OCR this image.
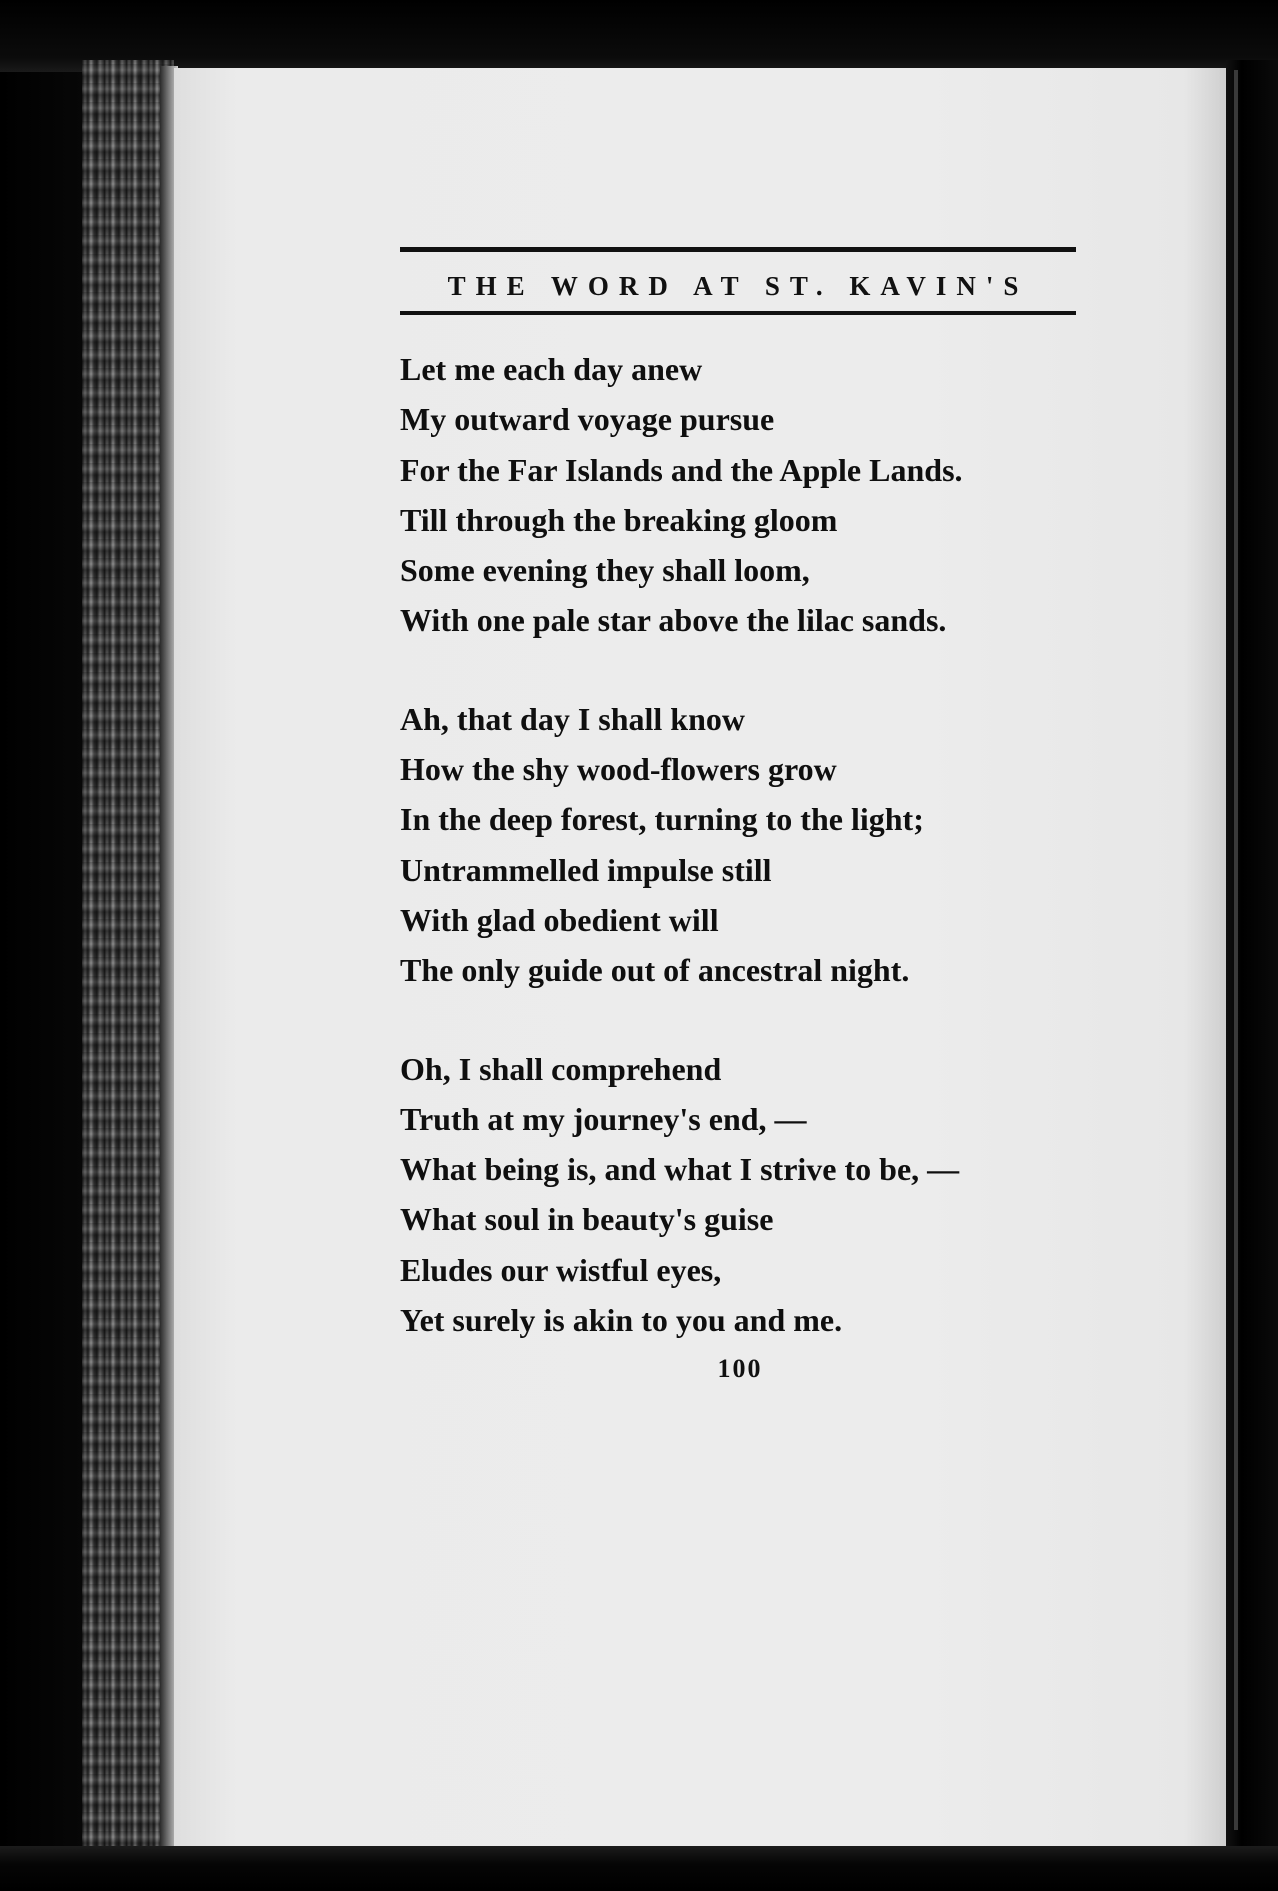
THE WORD AT ST. KAVIN'S
Let me each day anew
My outward voyage pursue
For the Far Islands and the Apple Lands.
Till through the breaking gloom
Some evening they shall loom,
With one pale star above the lilac sands.
Ah, that day I shall know
How the shy wood-flowers grow
In the deep forest, turning to the light;
Untrammelled impulse still
With glad obedient will
The only guide out of ancestral night.
Oh, I shall comprehend
Truth at my journey's end, —
What being is, and what I strive to be, —
What soul in beauty's guise
Eludes our wistful eyes,
Yet surely is akin to you and me.
100
